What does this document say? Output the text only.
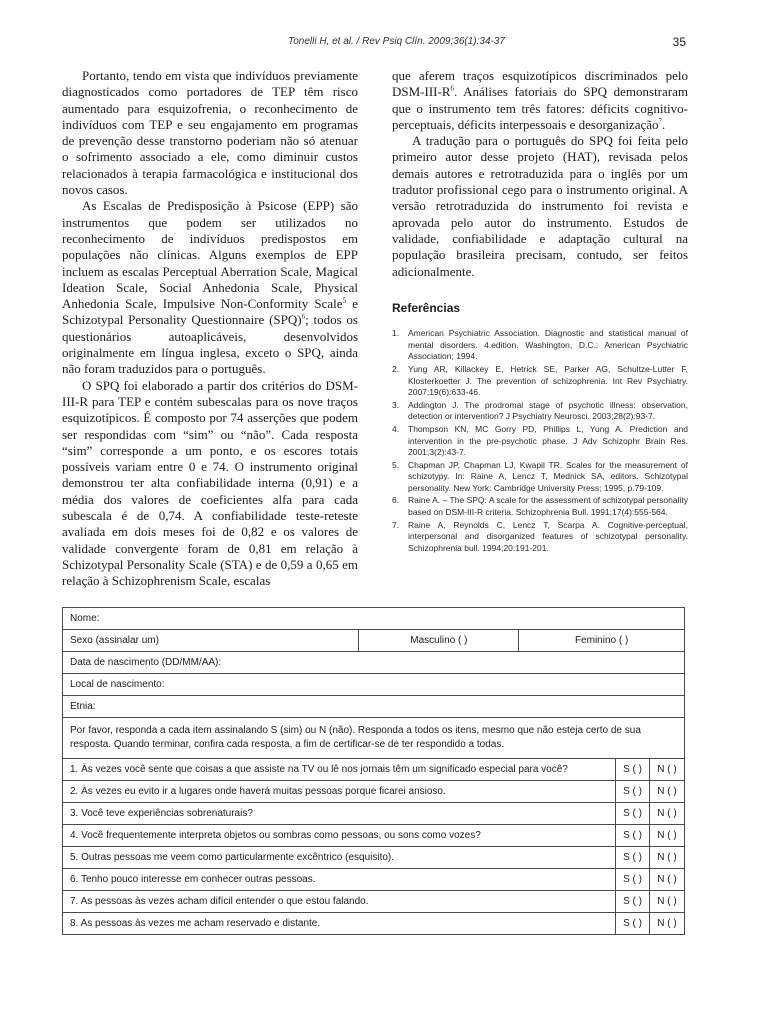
Tonelli H, et al. / Rev Psiq Clín. 2009;36(1):34-37	35

Portanto, tendo em vista que indivíduos previamente diagnosticados como portadores de TEP têm risco aumentado para esquizofrenia, o reconhecimento de indivíduos com TEP e seu engajamento em programas de prevenção desse transtorno poderiam não só atenuar o sofrimento associado a ele, como diminuir custos relacionados à terapia farmacológica e institucional dos novos casos.

As Escalas de Predisposição à Psicose (EPP) são instrumentos que podem ser utilizados no reconhecimento de indivíduos predispostos em populações não clínicas. Alguns exemplos de EPP incluem as escalas Perceptual Aberration Scale, Magical Ideation Scale, Social Anhedonia Scale, Physical Anhedonia Scale, Impulsive Non-Conformity Scale$^5$ e Schizotypal Personality Questionnaire (SPQ)$^6$; todos os questionários autoaplicáveis, desenvolvidos originalmente em língua inglesa, exceto o SPQ, ainda não foram traduzidos para o português.

O SPQ foi elaborado a partir dos critérios do DSM-III-R para TEP e contém subescalas para os nove traços esquizotípicos. É composto por 74 asserções que podem ser respondidas com “sim” ou “não”. Cada resposta “sim” corresponde a um ponto, e os escores totais possíveis variam entre 0 e 74. O instrumento original demonstrou ter alta confiabilidade interna (0,91) e a média dos valores de coeficientes alfa para cada subescala é de 0,74. A confiabilidade teste-reteste avaliada em dois meses foi de 0,82 e os valores de validade convergente foram de 0,81 em relação à Schizotypal Personality Scale (STA) e de 0,59 a 0,65 em relação à Schizophrenism Scale, escalas

que aferem traços esquizotípicos discriminados pelo DSM-$III-R^6$. Análises fatoriais do SPQ demonstraram que o instrumento tem três fatores: déficits cognitivo-perceptuais, déficits interpessoais e desorganização$^7$.

A tradução para o português do SPQ foi feita pelo primeiro autor desse projeto (HAT), revisada pelos demais autores e retrotraduzida para o inglês por um tradutor profissional cego para o instrumento original. A versão retrotraduzida do instrumento foi revista e aprovada pelo autor do instrumento. Estudos de validade, confiabilidade e adaptação cultural na população brasileira precisam, contudo, ser feitos adicionalmente.

Referências
1.	American Psychiatric Association. Diagnostic and statistical manual of mental disorders. 4.edition. Washington, D.C.: American Psychiatric Association; 1994.
2.	Yung AR, Killackey E, Hetrick SE, Parker AG, Schultze-Lutter F, Klosterkoetter J. The prevention of schizophrenia. Int Rev Psychiatry. 2007;19(6):633-46.
3.	Addington J. The prodromal stage of psychotic illness: observation, detection or intervention? J Psychiatry Neurosci. 2003;28(2):93-7.
4.	Thompson KN, MC Gorry PD, Phillips L, Yung A. Prediction and intervention in the pre-psychotic phase. J Adv Schizophr Brain Res. 2001;3(2):43-7.
5.	Chapman JP, Chapman LJ, Kwapil TR. Scales for the measurement of schizotypy. In: Raine A, Lencz T, Mednick SA, editors. Schizotypal personality. New York: Cambridge University Press; 1995, p.79-109.
6.	Raine A. – The SPQ: A scale for the assessment of schizotypal personality based on DSM-III-R criteria. Schizophrenia Bull. 1991;17(4):555-564.
7.	Raine A, Reynolds C, Lencz T, Scarpa A. Cognitive-perceptual, interpersonal and disorganized features of schizotypal personality. Schizophrenia bull. 1994;20:191-201.
Nome:				
Sexo (assinalar um)	Masculino ( )	Feminino ( )		
Data de nascimento (DD/MM/AA):				
Local de nascimento:				
Etnia:				
Por favor, responda a cada item assinalando S (sim) ou N (não). Responda a todos os itens, mesmo que não esteja certo de sua resposta. Quando terminar, confira cada resposta, a fim de certificar-se de ter respondido a todas.				
1. Às vezes você sente que coisas a que assiste na TV ou lê nos jornais têm um significado especial para você?			S ( )	N ( )
2. Às vezes eu evito ir a lugares onde haverá muitas pessoas porque ficarei ansioso.			S ( )	N ( )
3. Você teve experiências sobrenaturais?			S ( )	N ( )
4. Você frequentemente interpreta objetos ou sombras como pessoas, ou sons como vozes?			S ( )	N ( )
5. Outras pessoas me veem como particularmente excêntrico (esquisito).			S ( )	N ( )
6. Tenho pouco interesse em conhecer outras pessoas.			S ( )	N ( )
7. As pessoas às vezes acham difícil entender o que estou falando.			S ( )	N ( )
8. As pessoas às vezes me acham reservado e distante.			S ( )	N ( )
